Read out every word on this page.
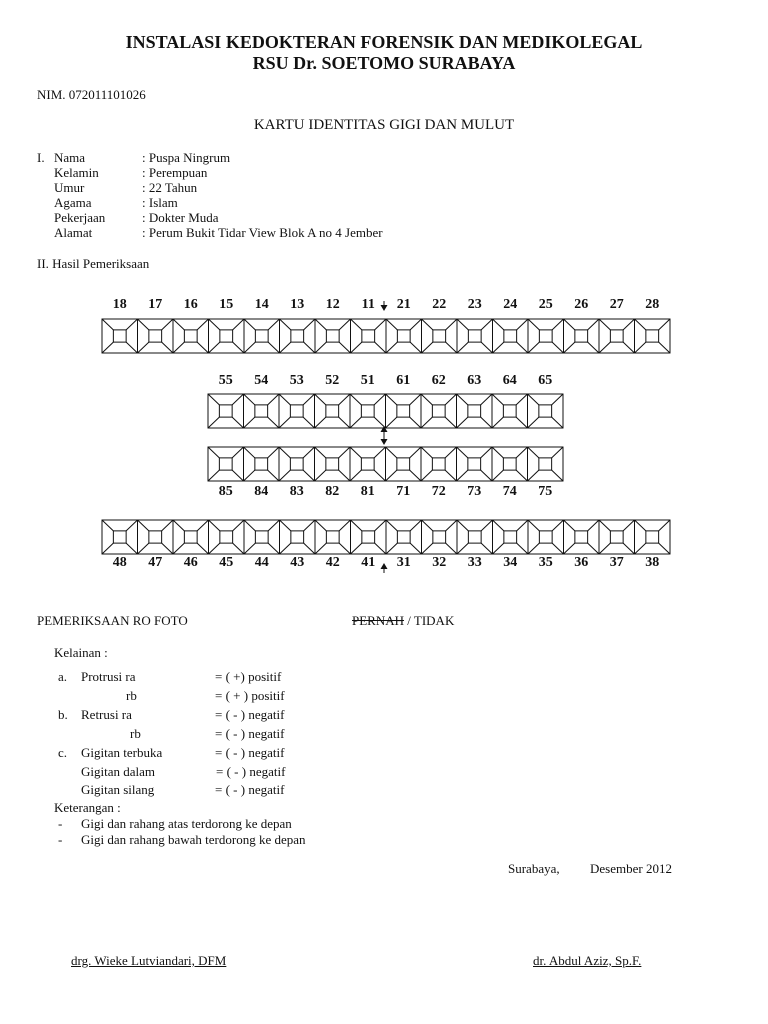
INSTALASI KEDOKTERAN FORENSIK DAN MEDIKOLEGAL
RSU Dr. SOETOMO SURABAYA
NIM. 072011101026
KARTU IDENTITAS GIGI DAN MULUT
I. Nama	: Puspa Ningrum
Kelamin	: Perempuan
Umur	: 22 Tahun
Agama	: Islam
Pekerjaan	: Dokter Muda
Alamat	: Perum Bukit Tidar View Blok A no 4 Jember
II. Hasil Pemeriksaan
PEMERIKSAAN RO FOTO	PERNAH / TIDAK
Kelainan :
a. Protrusi ra	= ( +) positif
rb	= ( + ) positif
b. Retrusi ra	= ( - ) negatif
rb	= ( - ) negatif
c. Gigitan terbuka	= ( - ) negatif
Gigitan dalam	= ( - ) negatif
Gigitan silang	= ( - ) negatif
Keterangan :
- Gigi dan rahang atas terdorong ke depan
- Gigi dan rahang bawah terdorong ke depan
Surabaya, Desember 2012
drg. Wieke Lutviandari, DFM	dr. Abdul Aziz, Sp.F.
18	17	16	15	14	13	12	11	21	22	23	24	25	26	27	28
55	54	53	52	51	61	62	63	64	65
85	84	83	82	81	71	72	73	74	75
48	47	46	45	44	43	42	41	31	32	33	34	35	36	37	38
